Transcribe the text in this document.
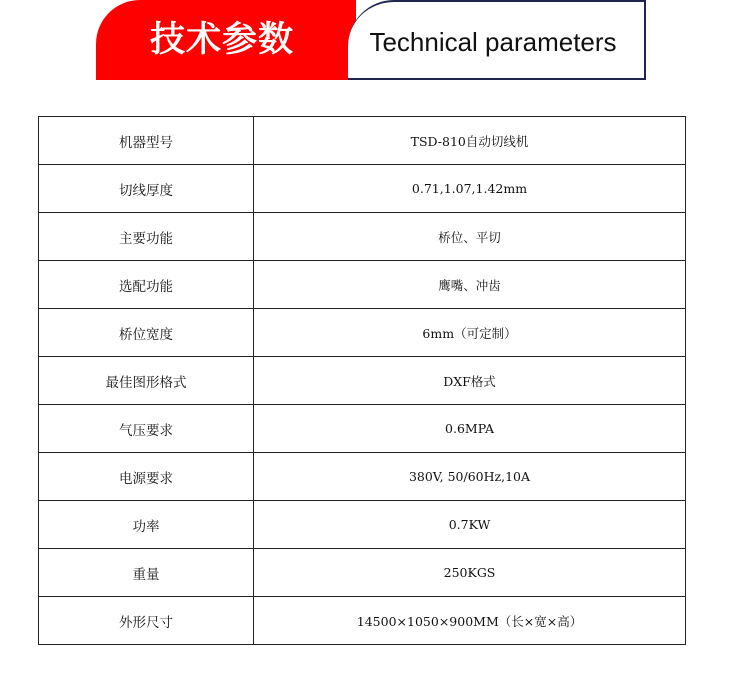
技术参数	Technical parameters
机器型号	TSD-810自动切线机
切线厚度	0.71,1.07,1.42mm
主要功能	桥位、平切
选配功能	鹰嘴、冲齿
桥位宽度	6mm（可定制）
最佳图形格式	DXF格式
气压要求	0.6MPA
电源要求	380V, 50/60Hz,10A
功率	0.7KW
重量	250KGS
外形尺寸	14500×1050×900MM（长×宽×高）
